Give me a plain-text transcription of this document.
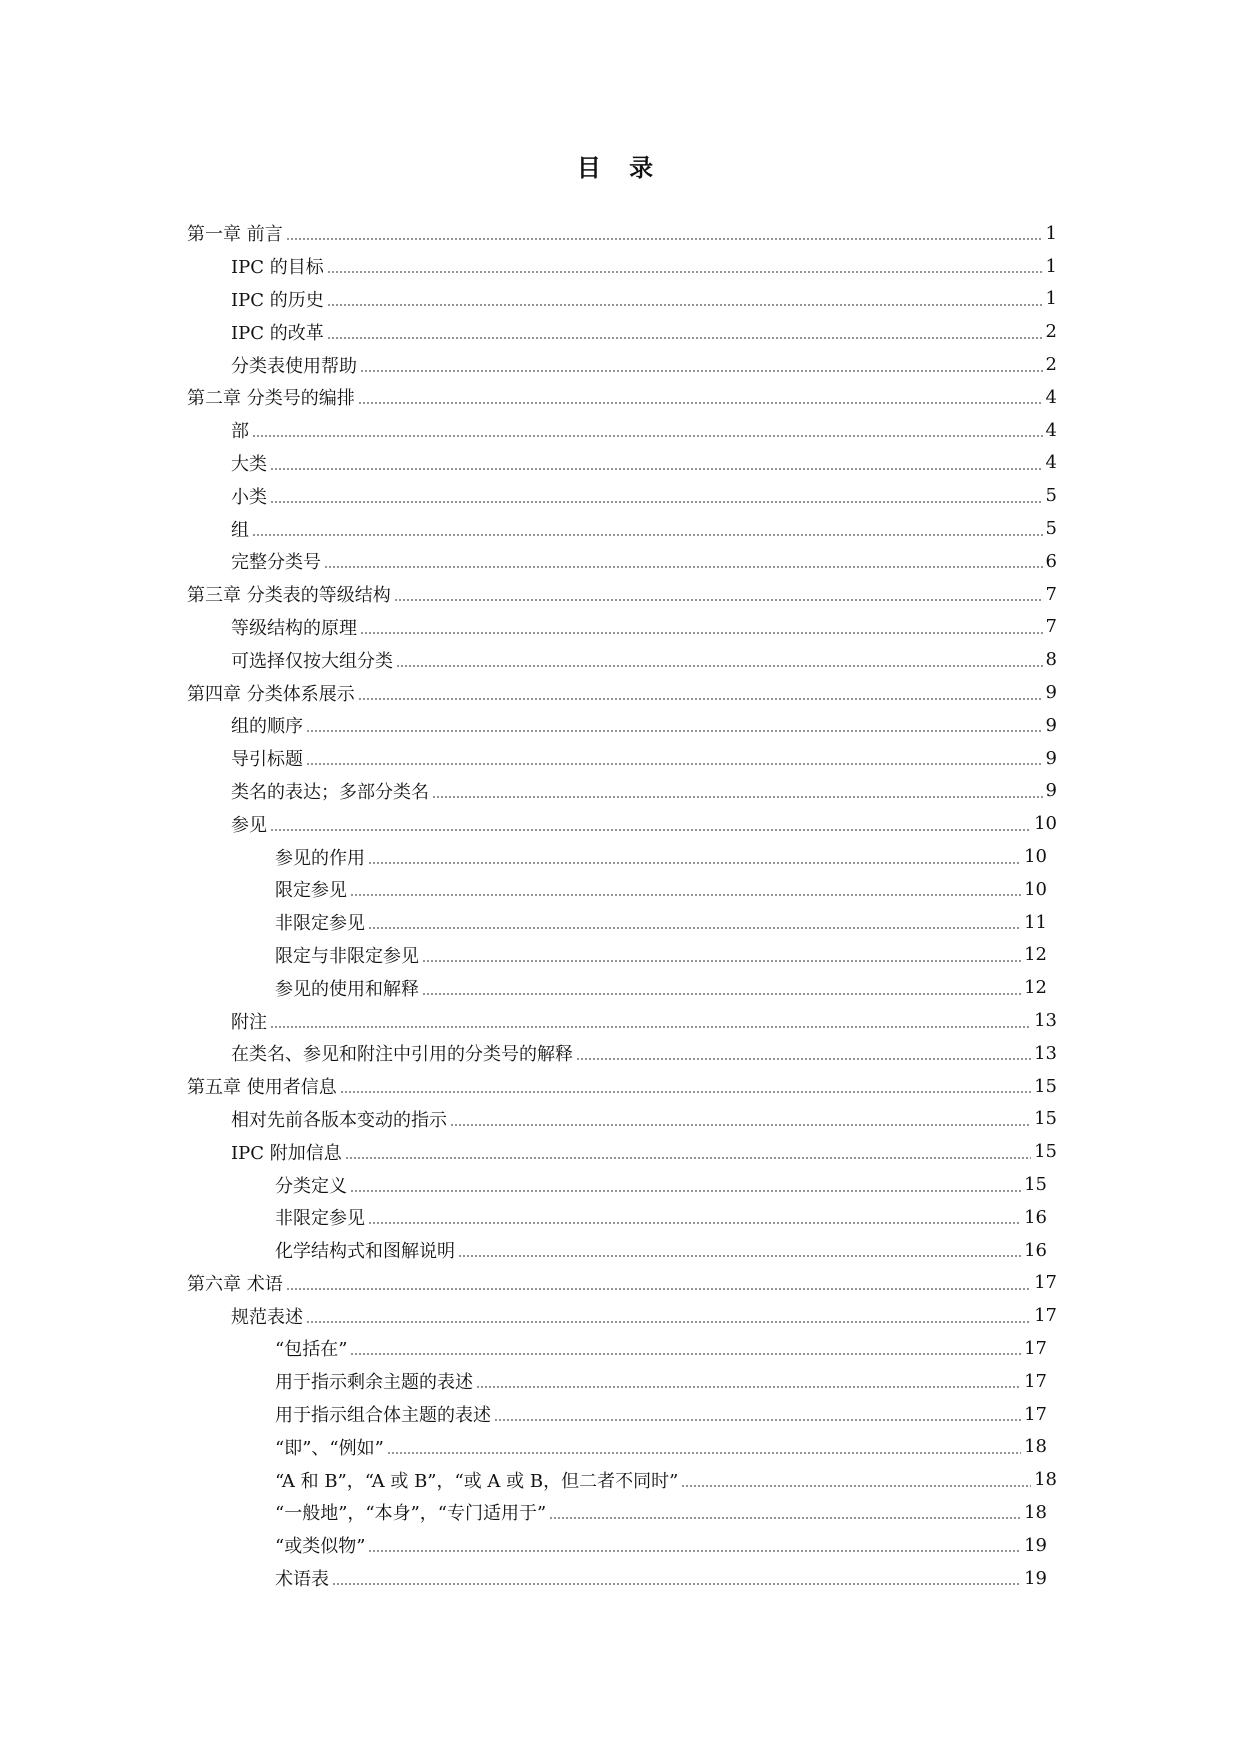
目 录
第一章 前言	1
IPC 的目标	1
IPC 的历史	1
IPC 的改革	2
分类表使用帮助	2
第二章 分类号的编排	4
部	4
大类	4
小类	5
组	5
完整分类号	6
第三章 分类表的等级结构	7
等级结构的原理	7
可选择仅按大组分类	8
第四章 分类体系展示	9
组的顺序	9
导引标题	9
类名的表达；多部分类名	9
参见	10
参见的作用	10
限定参见	10
非限定参见	11
限定与非限定参见	12
参见的使用和解释	12
附注	13
在类名、参见和附注中引用的分类号的解释	13
第五章 使用者信息	15
相对先前各版本变动的指示	15
IPC 附加信息	15
分类定义	15
非限定参见	16
化学结构式和图解说明	16
第六章 术语	17
规范表述	17
“包括在”	17
用于指示剩余主题的表述	17
用于指示组合体主题的表述	17
“即”、“例如”	18
“A 和 B”，“A 或 B”，“或 A 或 B，但二者不同时”	18
“一般地”，“本身”，“专门适用于”	18
“或类似物”	19
术语表	19
